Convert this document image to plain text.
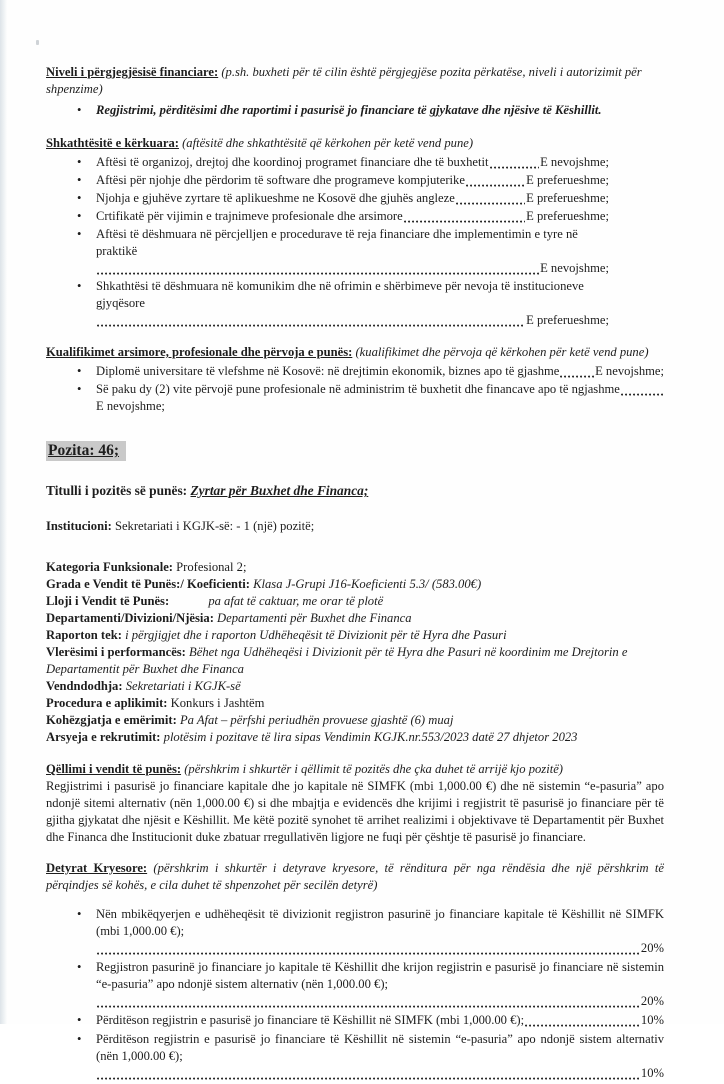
Niveli i përgjegjësisë financiare: (p.sh. buxheti për të cilin është përgjegjëse pozita përkatëse, niveli i autorizimit për shpenzime)

• Regjistrimi, përditësimi dhe raportimi i pasurisë jo financiare të gjykatave dhe njësive të Këshillit.

Shkathtësitë e kërkuara: (aftësitë dhe shkathtësitë që kërkohen për ketë vend pune)

• Aftësi të organizoj, drejtoj dhe koordinoj programet financiare dhe të buxhetit	E nevojshme;
• Aftësi për njohje dhe përdorim të software dhe programeve kompjuterike	E preferueshme;
• Njohja e gjuhëve zyrtare të aplikueshme ne Kosovë dhe gjuhës angleze	E preferueshme;
• Crtifikatë për vijimin e trajnimeve profesionale dhe arsimore	E preferueshme;
• Aftësi të dëshmuara në përcjelljen e procedurave të reja financiare dhe implementimin e tyre në praktikë
E nevojshme;
• Shkathtësi të dëshmuara në komunikim dhe në ofrimin e shërbimeve për nevoja të institucioneve gjyqësore
E preferueshme;

Kualifikimet arsimore, profesionale dhe përvoja e punës: (kualifikimet dhe përvoja që kërkohen për ketë vend pune)

• Diplomë universitare të vlefshme në Kosovë: në drejtimin ekonomik, biznes apo të gjashme	E nevojshme;
• Së paku dy (2) vite përvojë pune profesionale në administrim të buxhetit dhe financave apo të ngjashme
E nevojshme;
Pozita: 46;

Titulli i pozitës së punës: Zyrtar për Buxhet dhe Financa;

Institucioni: Sekretariati i KGJK-së: - 1 (një) pozitë;

Kategoria Funksionale: Profesional 2;

Grada e Vendit të Punës:/ Koeficienti: Klasa J-Grupi J16-Koeficienti 5.3/ (583.00€)

Lloji i Vendit të Punës:	pa afat të caktuar, me orar të plotë

Departamenti/Divizioni/Njësia: Departamenti për Buxhet dhe Financa

Raporton tek: i përgjigjet dhe i raporton Udhëheqësit të Divizionit për të Hyra dhe Pasuri

Vlerësimi i performancës: Bëhet nga Udhëheqësi i Divizionit për të Hyra dhe Pasuri në koordinim me Drejtorin e Departamentit për Buxhet dhe Financa

Vendndodhja: Sekretariati i KGJK-së

Procedura e aplikimit: Konkurs i Jashtëm

Kohëzgjatja e emërimit: Pa Afat – përfshi periudhën provuese gjashtë (6) muaj

Arsyeja e rekrutimit: plotësim i pozitave të lira sipas Vendimin KGJK.nr.553/2023 datë 27 dhjetor 2023

Qëllimi i vendit të punës: (përshkrim i shkurtër i qëllimit të pozitës dhe çka duhet të arrijë kjo pozitë)

Regjistrimi i pasurisë jo financiare kapitale dhe jo kapitale në SIMFK (mbi 1,000.00 €) dhe në sistemin “e-pasuria” apo ndonjë sitemi alternativ (nën 1,000.00 €) si dhe mbajtja e evidencës dhe krijimi i regjistrit të pasurisë jo financiare për të gjitha gjykatat dhe njësit e Këshillit. Me këtë pozitë synohet të arrihet realizimi i objektivave të Departamentit për Buxhet dhe Financa dhe Institucionit duke zbatuar rregullativën ligjore ne fuqi për çështje të pasurisë jo financiare.

Detyrat Kryesore: (përshkrim i shkurtër i detyrave kryesore, të rënditura për nga rëndësia dhe një përshkrim të përqindjes së kohës, e cila duhet të shpenzohet për secilën detyrë)

• Nën mbikëqyerjen e udhëheqësit të divizionit regjistron pasurinë jo financiare kapitale të Këshillit në SIMFK (mbi 1,000.00 €);
20%
• Regjistron pasurinë jo financiare jo kapitale të Këshillit dhe krijon regjistrin e pasurisë jo financiare në sistemin “e-pasuria” apo ndonjë sistem alternativ (nën 1,000.00 €);
20%
• Përditëson regjistrin e pasurisë jo financiare të Këshillit në SIMFK (mbi 1,000.00 €);	10%
• Përditëson regjistrin e pasurisë jo financiare të Këshillit në sistemin “e-pasuria” apo ndonjë sistem alternativ (nën 1,000.00 €);
10%
